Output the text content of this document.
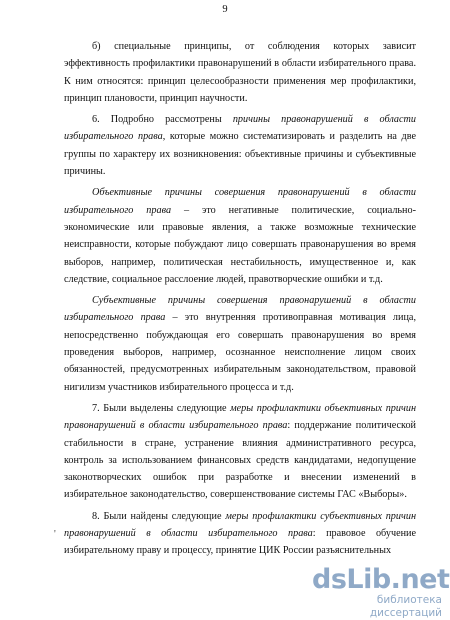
9

б) специальные принципы, от соблюдения которых зависит эффективность профилактики правонарушений в области избирательного права. К ним относятся: принцип целесообразности применения мер профилактики, принцип плановости, принцип научности.

6. Подробно рассмотрены причины правонарушений в области избирательного права, которые можно систематизировать и разделить на две группы по характеру их возникновения: объективные причины и субъективные причины.

Объективные причины совершения правонарушений в области избирательного права – это негативные политические, социально-экономические или правовые явления, а также возможные технические неисправности, которые побуждают лицо совершать правонарушения во время выборов, например, политическая нестабильность, имущественное и, как следствие, социальное расслоение людей, правотворческие ошибки и т.д.

Субъективные причины совершения правонарушений в области избирательного права – это внутренняя противоправная мотивация лица, непосредственно побуждающая его совершать правонарушения во время проведения выборов, например, осознанное неисполнение лицом своих обязанностей, предусмотренных избирательным законодательством, правовой нигилизм участников избирательного процесса и т.д.

7. Были выделены следующие меры профилактики объективных причин правонарушений в области избирательного права: поддержание политической стабильности в стране, устранение влияния административного ресурса, контроль за использованием финансовых средств кандидатами, недопущение законотворческих ошибок при разработке и внесении изменений в избирательное законодательство, совершенствование системы ГАС «Выборы».

8. Были найдены следующие меры профилактики субъективных причин правонарушений в области избирательного права: правовое обучение избирательному праву и процессу, принятие ЦИК России разъяснительных

'
dsLib.net
библиотека диссертаций
